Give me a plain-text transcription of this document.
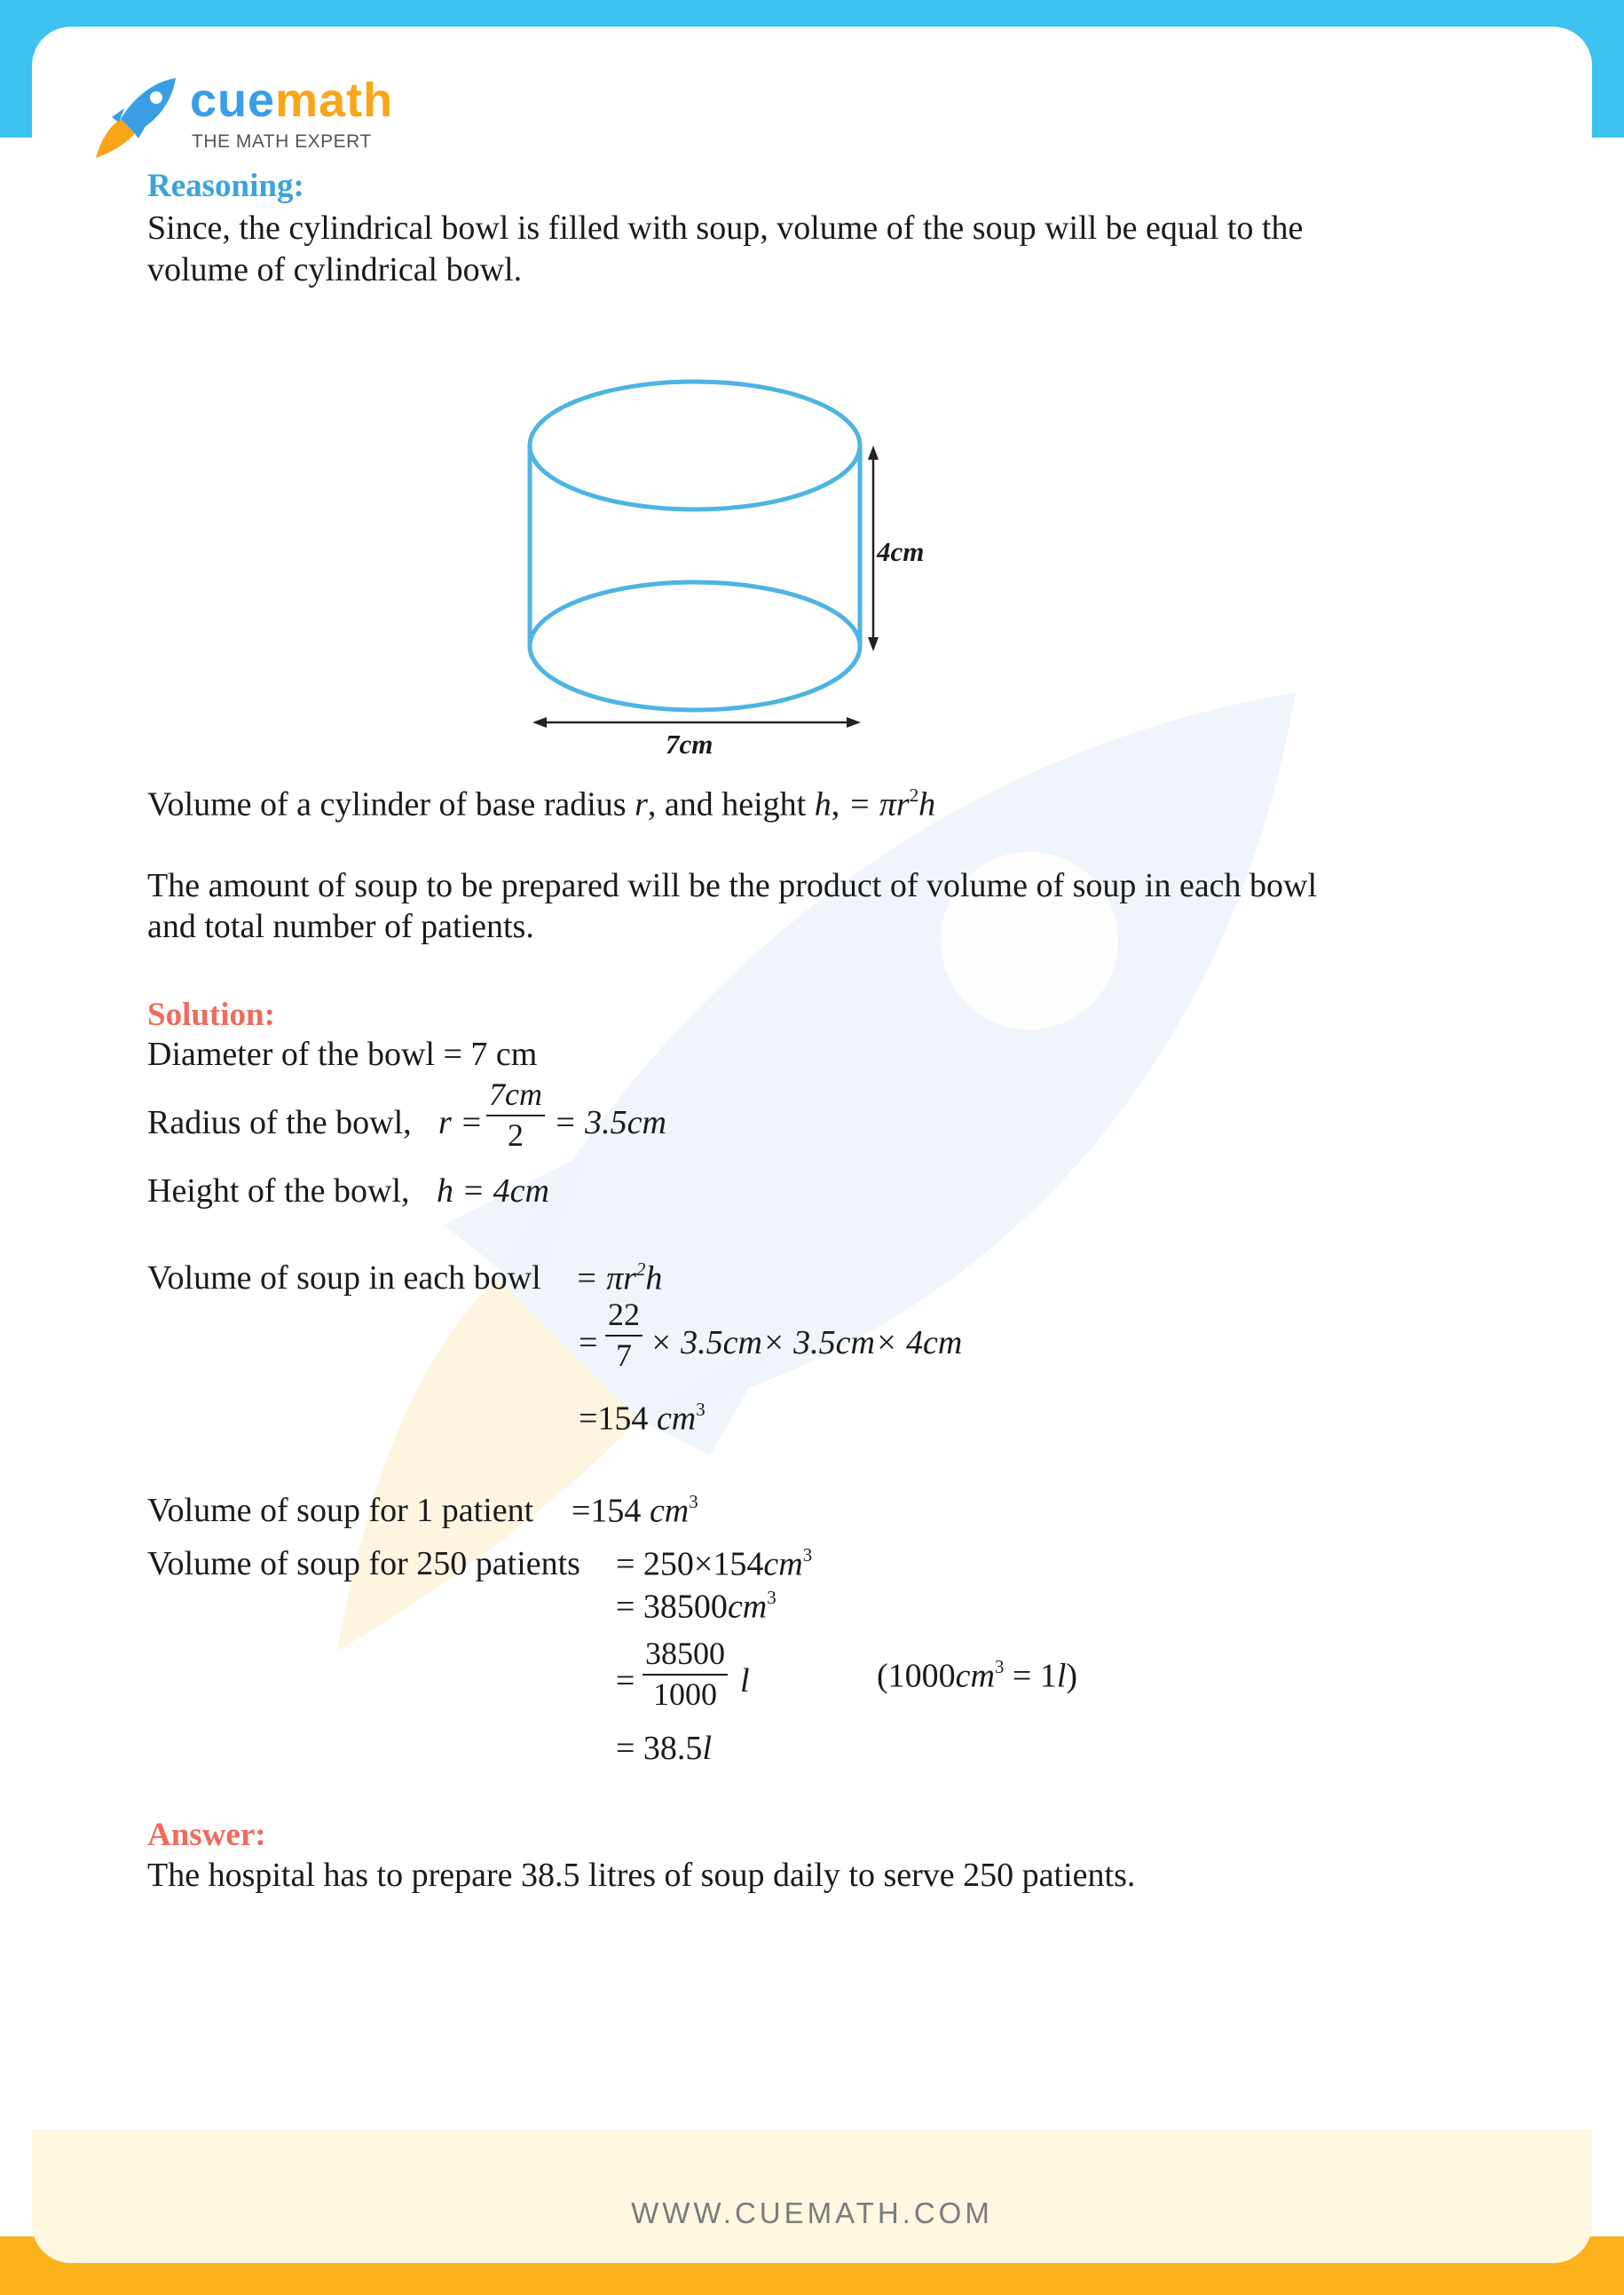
cuemath
THE MATH EXPERT
Reasoning:
Since, the cylindrical bowl is filled with soup, volume of the soup will be equal to the
volume of cylindrical bowl.
4cm
7cm
Volume of a cylinder of base radius r, and height h, = $\pi r^2h$
The amount of soup to be prepared will be the product of volume of soup in each bowl
and total number of patients.
Solution:
Diameter of the bowl = 7 cm
Radius of the bowl, $r = \frac{7cm}{2} = 3.5cm$
Height of the bowl, h = 4cm
Volume of soup in each bowl = $\pi r^2h$
= $\frac{22}{7} \times 3.5cm\times 3.5cm\times 4cm$
=154 $cm^3$
Volume of soup for 1 patient =154 $cm^3$
Volume of soup for 250 patients = $250\times 154cm^3$
= $38500cm^3$
= $\frac{38500}{1000}$ l	$(1000cm^3 = 1l)$
= 38.5l
Answer:
The hospital has to prepare 38.5 litres of soup daily to serve 250 patients.
WWW.CUEMATH.COM
